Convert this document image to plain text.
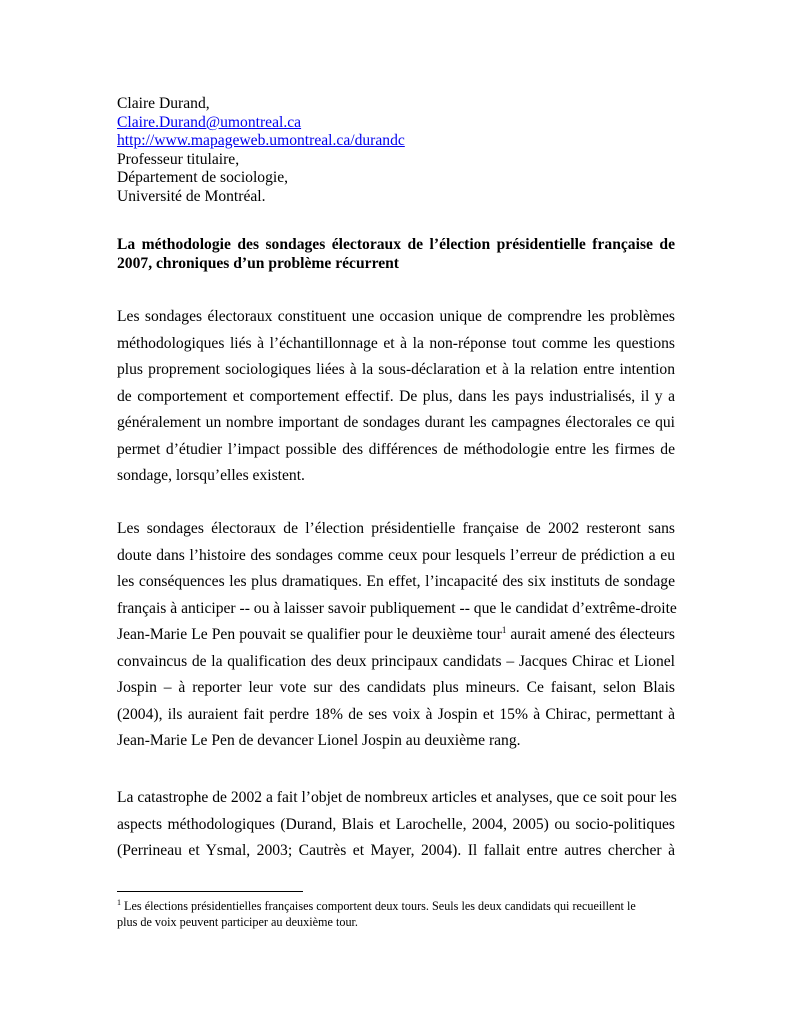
Claire Durand,
Claire.Durand@umontreal.ca
http://www.mapageweb.umontreal.ca/durandc
Professeur titulaire,
Département de sociologie,
Université de Montréal.
La méthodologie des sondages électoraux de l’élection présidentielle française de 2007, chroniques d’un problème récurrent
Les sondages électoraux constituent une occasion unique de comprendre les problèmes
méthodologiques liés à l’échantillonnage et à la non-réponse tout comme les questions
plus proprement sociologiques liées à la sous-déclaration et à la relation entre intention
de comportement et comportement effectif. De plus, dans les pays industrialisés, il y a
généralement un nombre important de sondages durant les campagnes électorales ce qui
permet d’étudier l’impact possible des différences de méthodologie entre les firmes de
sondage, lorsqu’elles existent.
Les sondages électoraux de l’élection présidentielle française de 2002 resteront sans
doute dans l’histoire des sondages comme ceux pour lesquels l’erreur de prédiction a eu
les conséquences les plus dramatiques. En effet, l’incapacité des six instituts de sondage
français à anticiper -- ou à laisser savoir publiquement -- que le candidat d’extrême-droite
Jean-Marie Le Pen pouvait se qualifier pour le deuxième tour$^1$ aurait amené des électeurs
convaincus de la qualification des deux principaux candidats – Jacques Chirac et Lionel
Jospin – à reporter leur vote sur des candidats plus mineurs. Ce faisant, selon Blais
(2004), ils auraient fait perdre 18% de ses voix à Jospin et 15% à Chirac, permettant à
Jean-Marie Le Pen de devancer Lionel Jospin au deuxième rang.
La catastrophe de 2002 a fait l’objet de nombreux articles et analyses, que ce soit pour les
aspects méthodologiques (Durand, Blais et Larochelle, 2004, 2005) ou socio-politiques
(Perrineau et Ysmal, 2003; Cautrès et Mayer, 2004). Il fallait entre autres chercher à
$^1$ Les élections présidentielles françaises comportent deux tours. Seuls les deux candidats qui recueillent le
plus de voix peuvent participer au deuxième tour.
